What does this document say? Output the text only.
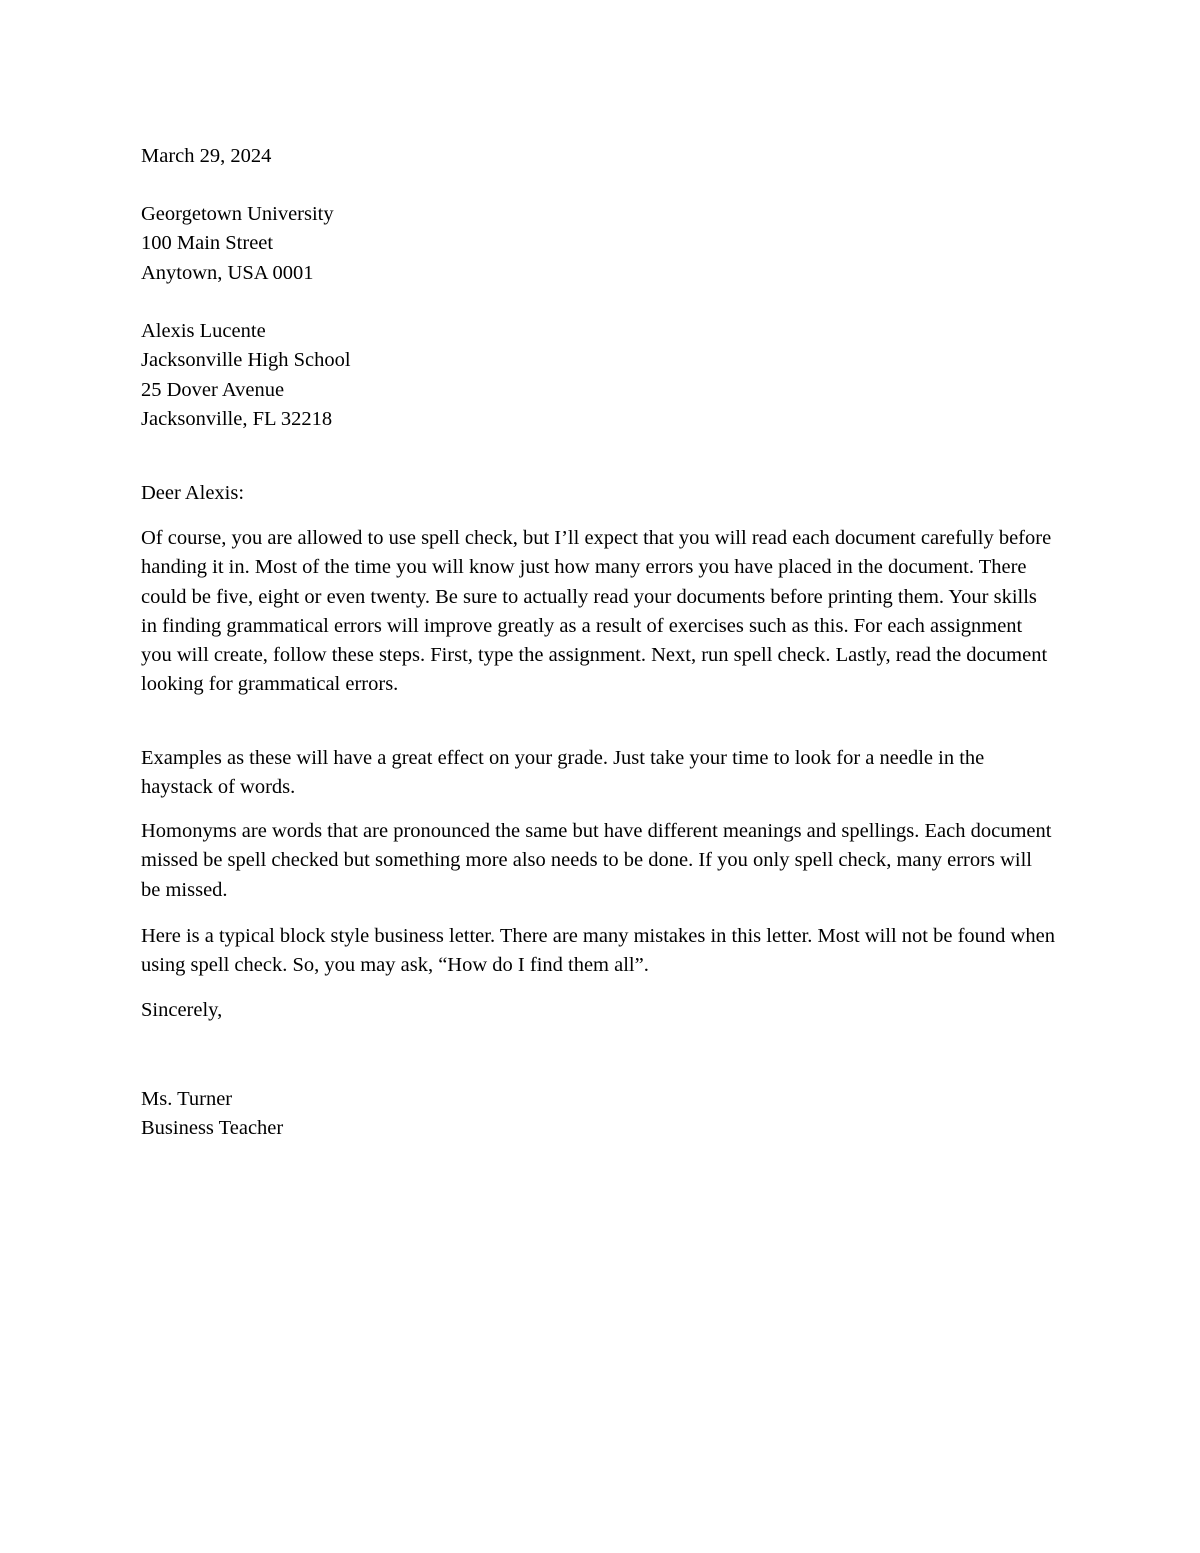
March 29, 2024
Georgetown University
100 Main Street
Anytown, USA 0001
Alexis Lucente
Jacksonville High School
25 Dover Avenue
Jacksonville, FL 32218
Deer Alexis:

Of course, you are allowed to use spell check, but I’ll expect that you will read each document carefully before handing it in. Most of the time you will know just how many errors you have placed in the document. There could be five, eight or even twenty. Be sure to actually read your documents before printing them. Your skills in finding grammatical errors will improve greatly as a result of exercises such as this. For each assignment you will create, follow these steps. First, type the assignment. Next, run spell check. Lastly, read the document looking for grammatical errors.

Examples as these will have a great effect on your grade. Just take your time to look for a needle in the haystack of words.

Homonyms are words that are pronounced the same but have different meanings and spellings. Each document missed be spell checked but something more also needs to be done. If you only spell check, many errors will be missed.

Here is a typical block style business letter. There are many mistakes in this letter. Most will not be found when using spell check. So, you may ask, “How do I find them all”.

Sincerely,
Ms. Turner
Business Teacher
